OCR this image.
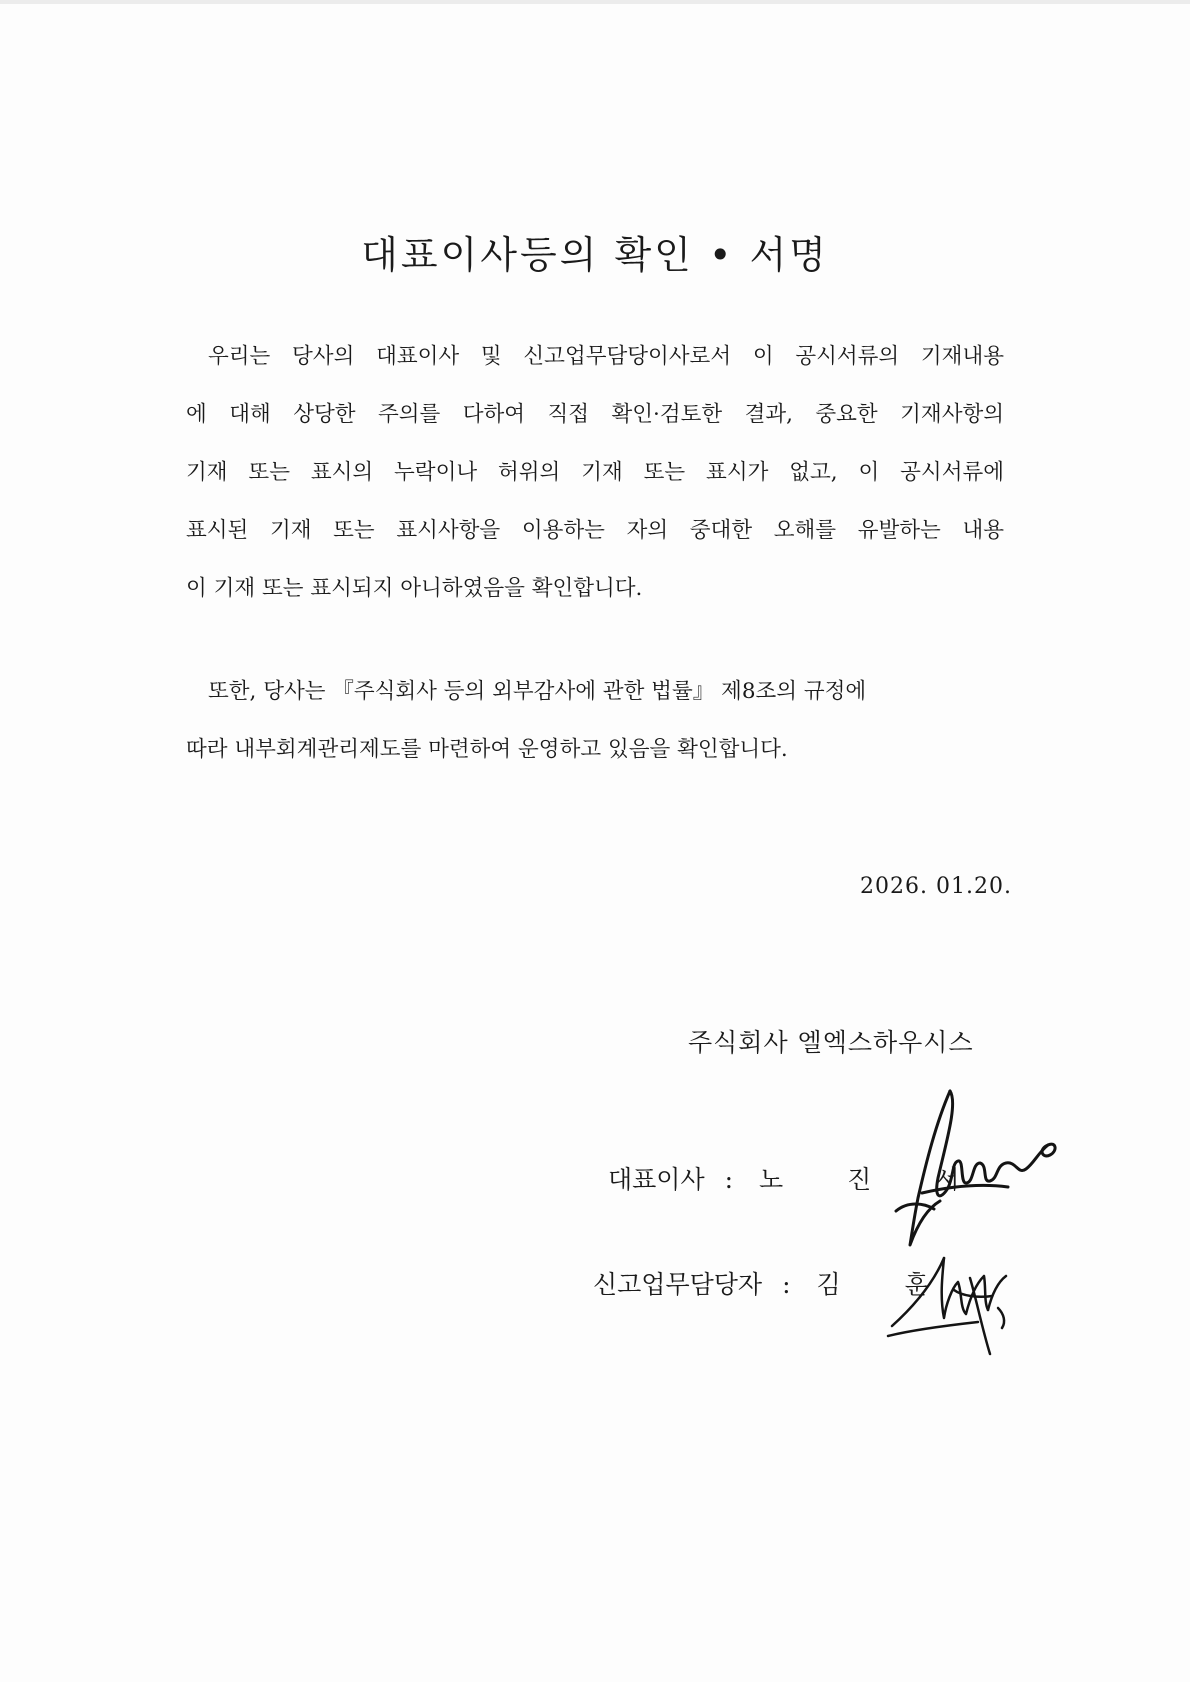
대표이사등의 확인 • 서명
우리는 당사의 대표이사 및 신고업무담당이사로서 이 공시서류의 기재내용
에 대해 상당한 주의를 다하여 직접 확인·검토한 결과, 중요한 기재사항의
기재 또는 표시의 누락이나 허위의 기재 또는 표시가 없고, 이 공시서류에
표시된 기재 또는 표시사항을 이용하는 자의 중대한 오해를 유발하는 내용
이 기재 또는 표시되지 아니하였음을 확인합니다.
또한, 당사는 『주식회사 등의 외부감사에 관한 법률』 제8조의 규정에
따라 내부회계관리제도를 마련하여 운영하고 있음을 확인합니다.

2026. 01.20.

주식회사 엘엑스하우시스

대표이사 : 노 진 서
신고업무담당자 : 김 훈
